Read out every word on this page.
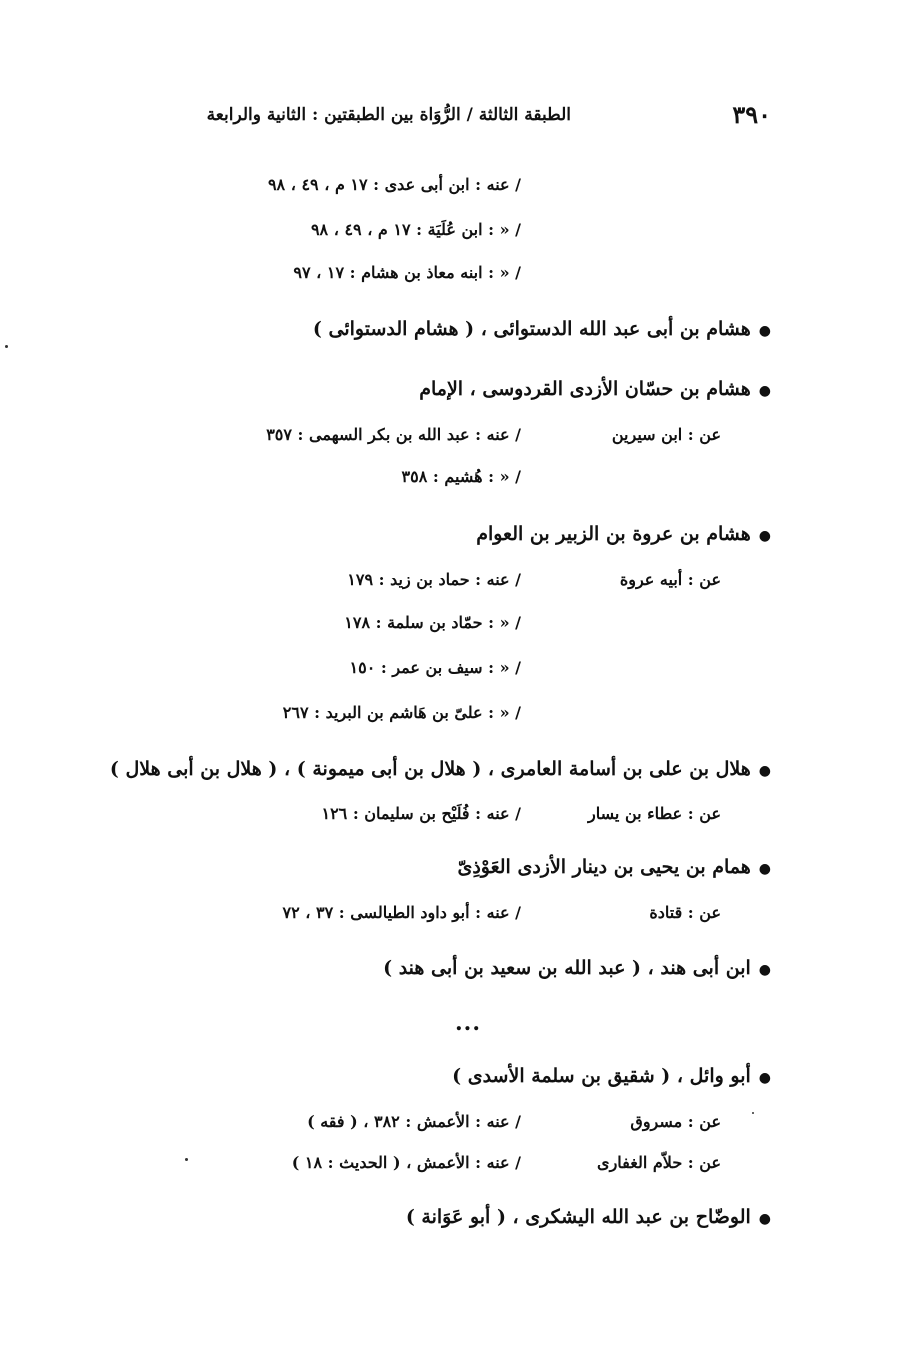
٣٩٠
الطبقة الثالثة / الرُّوَاة بين الطبقتين : الثانية والرابعة
/ عنه : ابن أبى عدى : ١٧ م ، ٤٩ ، ٩٨
/ « : ابن عُلَيَة : ١٧ م ، ٤٩ ، ٩٨
/ « : ابنه معاذ بن هشام : ١٧ ، ٩٧
●هشام بن أبى عبد الله الدستوائى ، ( هشام الدستوائى )
●هشام بن حسّان الأزدى القردوسى ، الإمام
عن : ابن سيرين
/ عنه : عبد الله بن بكر السهمى : ٣٥٧
/ « : هُشيم : ٣٥٨
●هشام بن عروة بن الزبير بن العوام
عن : أبيه عروة
/ عنه : حماد بن زيد : ١٧٩
/ « : حمّاد بن سلمة : ١٧٨
/ « : سيف بن عمر : ١٥٠
/ « : علىّ بن هَاشم بن البريد : ٢٦٧
●هلال بن على بن أسامة العامرى ، ( هلال بن أبى ميمونة ) ، ( هلال بن أبى هلال )
عن : عطاء بن يسار
/ عنه : فُلَيْح بن سليمان : ١٢٦
●همام بن يحيى بن دينار الأزدى العَوْذِىّ
عن : قتادة
/ عنه : أبو داود الطيالسى : ٣٧ ، ٧٢
●ابن أبى هند ، ( عبد الله بن سعيد بن أبى هند )
...
●أبو وائل ، ( شقيق بن سلمة الأسدى )
عن : مسروق
/ عنه : الأعمش : ٣٨٢ ، ( فقه )
عن : حلاّم الغفارى
/ عنه : الأعمش ، ( الحديث : ١٨ )
●الوضّاح بن عبد الله اليشكرى ، ( أبو عَوَانة )
